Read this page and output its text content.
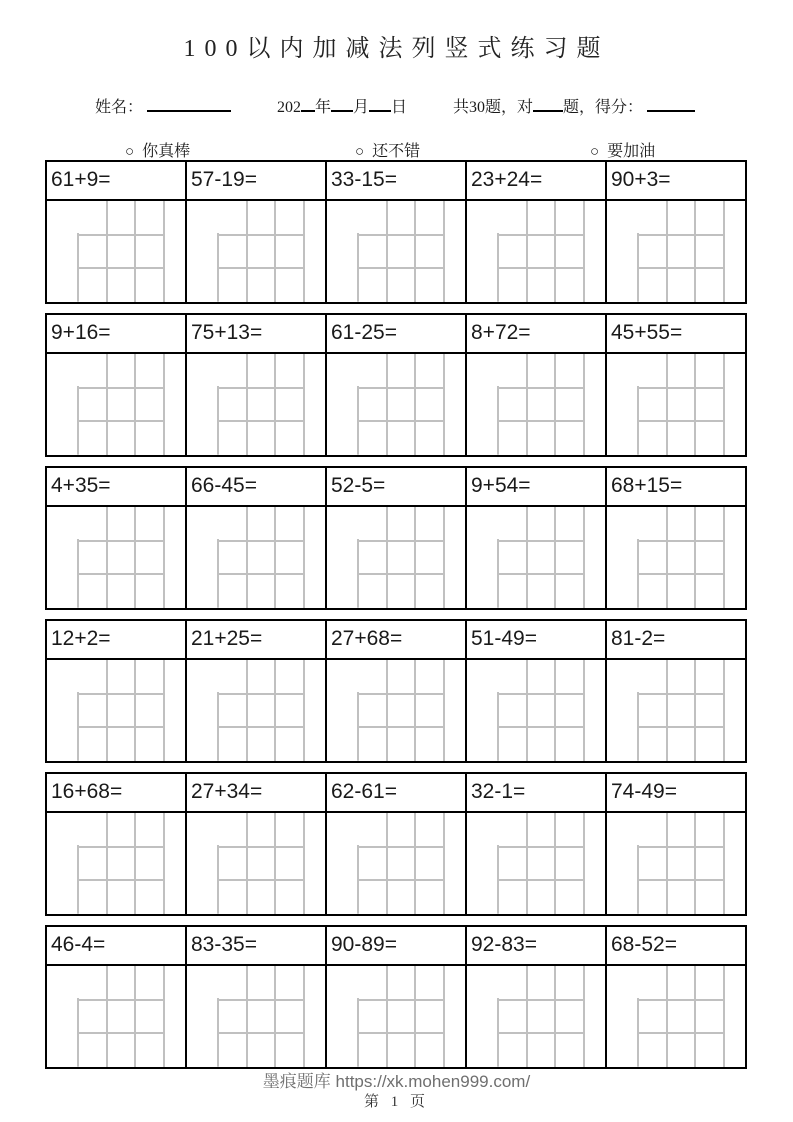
100以内加减法列竖式练习题
姓名：	202 年 月 日	共30题，对 题，得分：
○ 你真棒	○ 还不错	○ 要加油
61+9=	57-19=	33-15=	23+24=	90+3=
9+16=	75+13=	61-25=	8+72=	45+55=
4+35=	66-45=	52-5=	9+54=	68+15=
12+2=	21+25=	27+68=	51-49=	81-2=
16+68=	27+34=	62-61=	32-1=	74-49=
46-4=	83-35=	90-89=	92-83=	68-52=
墨痕题库 https://xk.mohen999.com/
第 1 页
